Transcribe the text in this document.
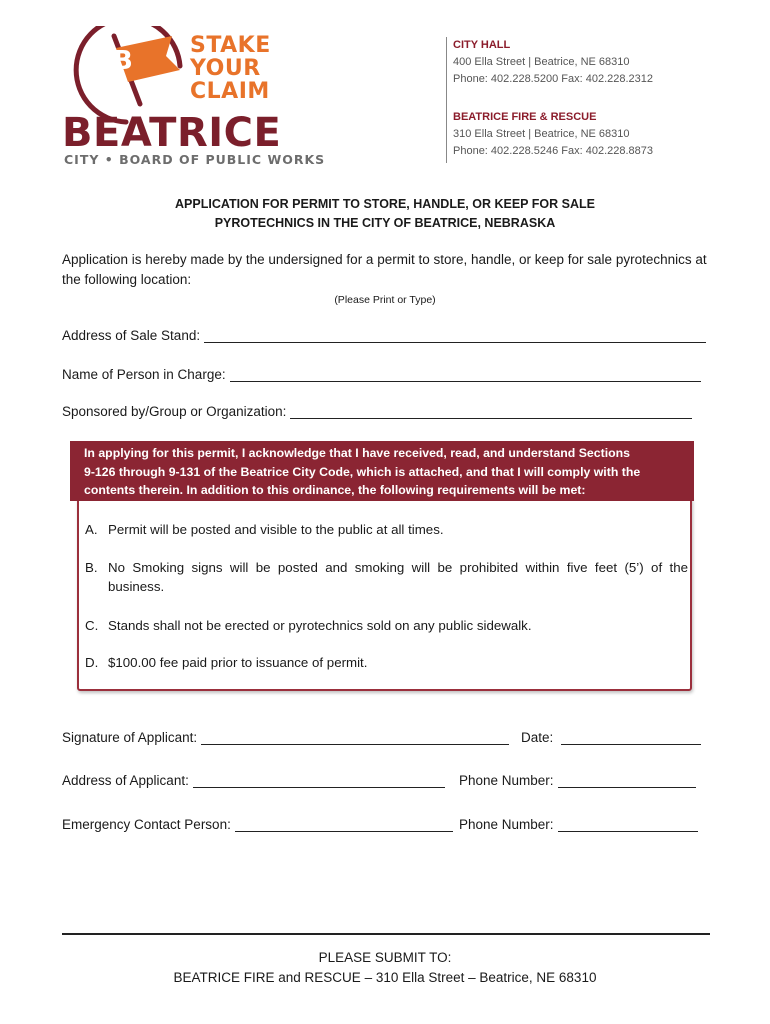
B
STAKE
YOUR
CLAIM
BEATRICE
CITY • BOARD OF PUBLIC WORKS
CITY HALL
400 Ella Street | Beatrice, NE 68310
Phone: 402.228.5200 Fax: 402.228.2312
BEATRICE FIRE & RESCUE
310 Ella Street | Beatrice, NE 68310
Phone: 402.228.5246 Fax: 402.228.8873
APPLICATION FOR PERMIT TO STORE, HANDLE, OR KEEP FOR SALE
PYROTECHNICS IN THE CITY OF BEATRICE, NEBRASKA
Application is hereby made by the undersigned for a permit to store, handle, or keep for sale pyrotechnics at the following location:
(Please Print or Type)
Address of Sale Stand:
Name of Person in Charge:
Sponsored by/Group or Organization:
In applying for this permit, I acknowledge that I have received, read, and understand Sections
9-126 through 9-131 of the Beatrice City Code, which is attached, and that I will comply with the
contents therein. In addition to this ordinance, the following requirements will be met:
A. Permit will be posted and visible to the public at all times.
B. No Smoking signs will be posted and smoking will be prohibited within five feet (5’) of the business.
C. Stands shall not be erected or pyrotechnics sold on any public sidewalk.
D. $100.00 fee paid prior to issuance of permit.
Signature of Applicant:	Date:
Address of Applicant:	Phone Number:
Emergency Contact Person:	Phone Number:
PLEASE SUBMIT TO:
BEATRICE FIRE and RESCUE – 310 Ella Street – Beatrice, NE 68310
